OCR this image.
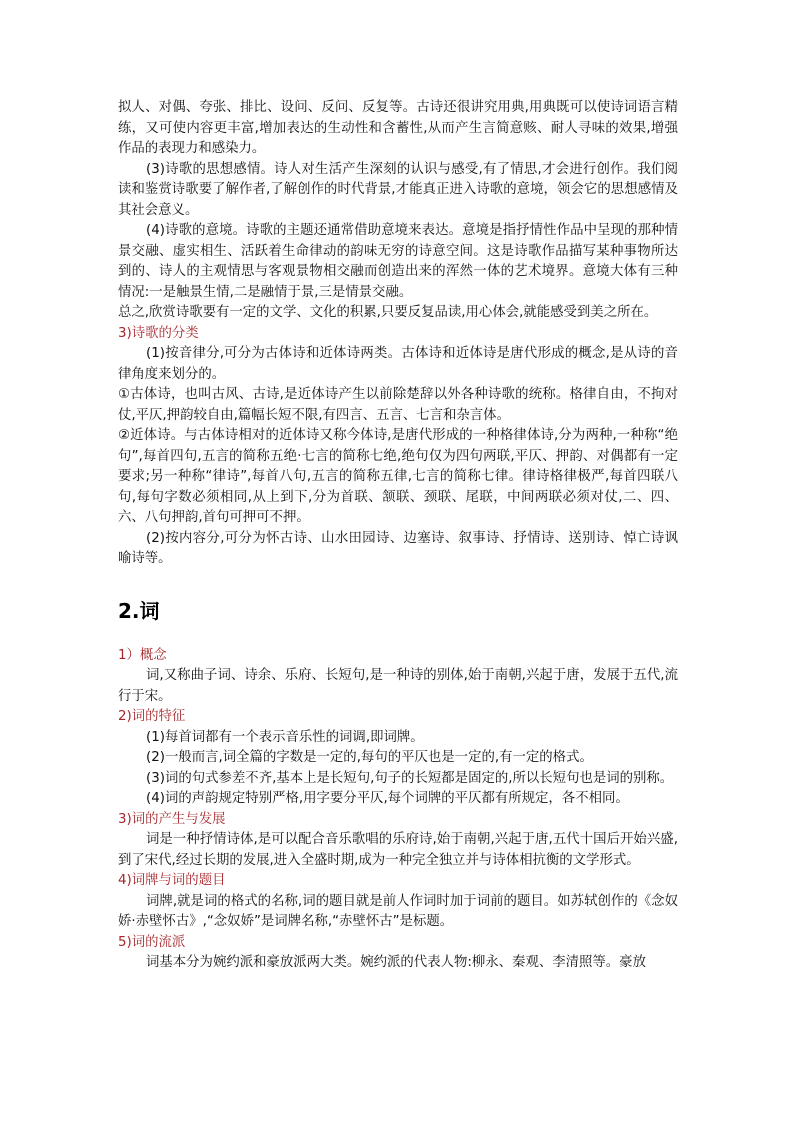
拟人、对偶、夸张、排比、设问、反问、反复等。古诗还很讲究用典,用典既可以使诗词语言精练，又可使内容更丰富,增加表达的生动性和含蓄性,从而产生言简意赅、耐人寻味的效果,增强作品的表现力和感染力。

(3)诗歌的思想感情。诗人对生活产生深刻的认识与感受,有了情思,才会进行创作。我们阅读和鉴赏诗歌要了解作者,了解创作的时代背景,才能真正进入诗歌的意境，领会它的思想感情及其社会意义。

(4)诗歌的意境。诗歌的主题还通常借助意境来表达。意境是指抒情性作品中呈现的那种情景交融、虚实相生、活跃着生命律动的韵味无穷的诗意空间。这是诗歌作品描写某种事物所达到的、诗人的主观情思与客观景物相交融而创造出来的浑然一体的艺术境界。意境大体有三种情况:一是触景生情,二是融情于景,三是情景交融。

总之,欣赏诗歌要有一定的文学、文化的积累,只要反复品读,用心体会,就能感受到美之所在。

3)诗歌的分类

(1)按音律分,可分为古体诗和近体诗两类。古体诗和近体诗是唐代形成的概念,是从诗的音律角度来划分的。

①古体诗，也叫古风、古诗,是近体诗产生以前除楚辞以外各种诗歌的统称。格律自由，不拘对仗,平仄,押韵较自由,篇幅长短不限,有四言、五言、七言和杂言体。

②近体诗。与古体诗相对的近体诗又称今体诗,是唐代形成的一种格律体诗,分为两种,一种称“绝句”,每首四句,五言的简称五绝·七言的简称七绝,绝句仅为四句两联,平仄、押韵、对偶都有一定要求;另一种称“律诗”,每首八句,五言的简称五律,七言的简称七律。律诗格律极严,每首四联八句,每句字数必须相同,从上到下,分为首联、颔联、颈联、尾联，中间两联必须对仗,二、四、六、八句押韵,首句可押可不押。

(2)按内容分,可分为怀古诗、山水田园诗、边塞诗、叙事诗、抒情诗、送别诗、悼亡诗讽喻诗等。

2.词

1）概念

词,又称曲子词、诗余、乐府、长短句,是一种诗的别体,始于南朝,兴起于唐，发展于五代,流行于宋。

2)词的特征

(1)每首词都有一个表示音乐性的词调,即词牌。

(2)一般而言,词全篇的字数是一定的,每句的平仄也是一定的,有一定的格式。

(3)词的句式参差不齐,基本上是长短句,句子的长短都是固定的,所以长短句也是词的别称。

(4)词的声韵规定特别严格,用字要分平仄,每个词牌的平仄都有所规定，各不相同。

3)词的产生与发展

词是一种抒情诗体,是可以配合音乐歌唱的乐府诗,始于南朝,兴起于唐,五代十国后开始兴盛,到了宋代,经过长期的发展,进入全盛时期,成为一种完全独立并与诗体相抗衡的文学形式。

4)词牌与词的题目

词牌,就是词的格式的名称,词的题目就是前人作词时加于词前的题目。如苏轼创作的《念奴娇·赤壁怀古》,“念奴娇”是词牌名称,“赤壁怀古”是标题。

5)词的流派

词基本分为婉约派和豪放派两大类。婉约派的代表人物:柳永、秦观、李清照等。豪放
